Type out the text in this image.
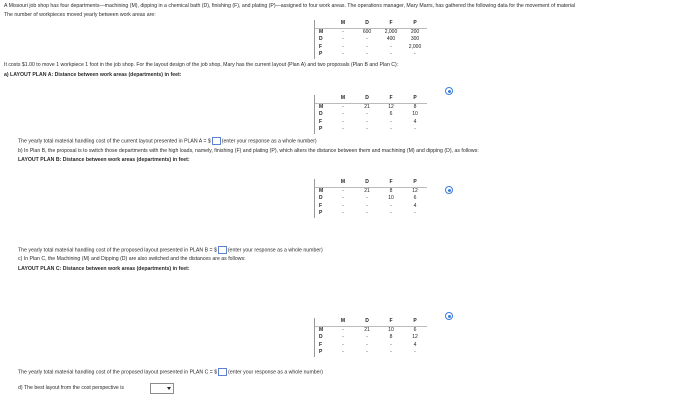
A Missouri job shop has four departments—machining (M), dipping in a chemical bath (D), finishing (F), and plating (P)—assigned to four work areas. The operations manager, Mary Marrs, has gathered the following data for the movement of material
The number of workpieces moved yearly between work areas are:
	M	D	F	P
M	-	600	2,000	200
D	-	-	400	300
F	-	-	-	2,000
P	-	-	-	-
It costs $1.00 to move 1 workpiece 1 foot in the job shop. For the layout design of the job shop, Mary has the current layout (Plan A) and two proposals (Plan B and Plan C):
a) LAYOUT PLAN A: Distance between work areas (departments) in feet:
	M	D	F	P
M	-	21	12	8
D	-	-	6	10
F	-	-	-	4
P	-	-	-	-
The yearly total material handling cost of the current layout presented in PLAN A = $ (enter your response as a whole number)
b) In Plan B, the proposal is to switch those departments with the high loads, namely, finishing (F) and plating (P), which alters the distance between them and machining (M) and dipping (D), as follows:
LAYOUT PLAN B: Distance between work areas (departments) in feet:
	M	D	F	P
M	-	21	8	12
D	-	-	10	6
F	-	-	-	4
P	-	-	-	-
The yearly total material handling cost of the proposed layout presented in PLAN B = $ (enter your response as a whole number)
c) In Plan C, the Machining (M) and Dipping (D) are also switched and the distances are as follows:
LAYOUT PLAN C: Distance between work areas (departments) in feet:
	M	D	F	P
M	-	21	10	6
D	-	-	8	12
F	-	-	-	4
P	-	-	-	-
The yearly total material handling cost of the proposed layout presented in PLAN C = $ (enter your response as a whole number)
d) The best layout from the cost perspective is
